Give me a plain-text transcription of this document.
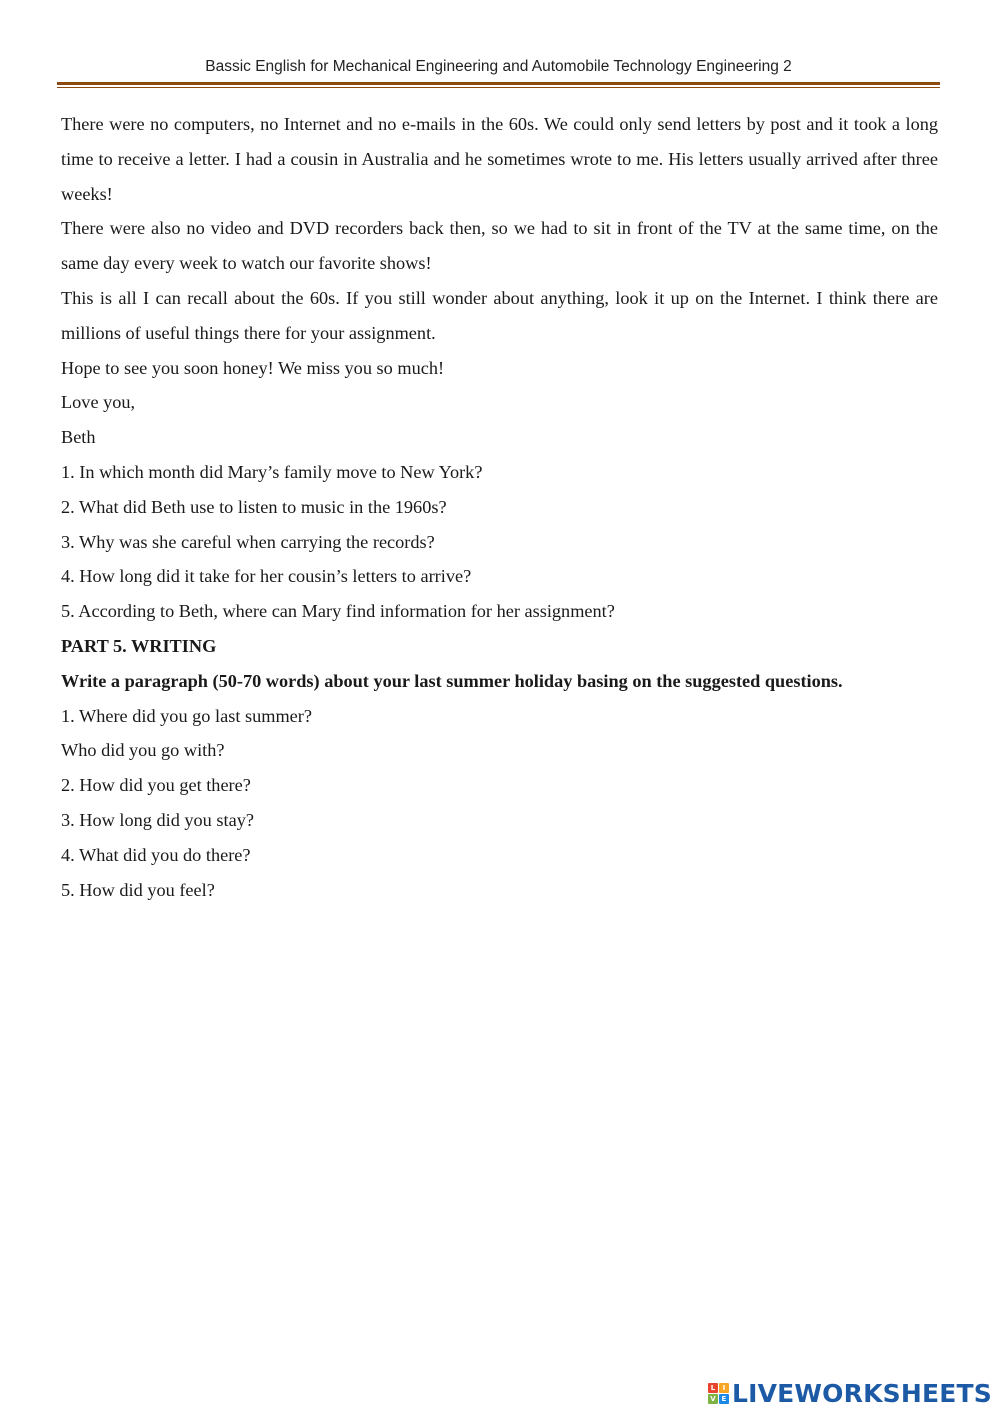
Bassic English for Mechanical Engineering and Automobile Technology Engineering 2

There were no computers, no Internet and no e-mails in the 60s. We could only send letters by post and it took a long time to receive a letter. I had a cousin in Australia and he sometimes wrote to me. His letters usually arrived after three weeks!

There were also no video and DVD recorders back then, so we had to sit in front of the TV at the same time, on the same day every week to watch our favorite shows!

This is all I can recall about the 60s. If you still wonder about anything, look it up on the Internet. I think there are millions of useful things there for your assignment.

Hope to see you soon honey! We miss you so much!

Love you,

Beth

1. In which month did Mary’s family move to New York?

2. What did Beth use to listen to music in the 1960s?

3. Why was she careful when carrying the records?

4. How long did it take for her cousin’s letters to arrive?

5. According to Beth, where can Mary find information for her assignment?

PART 5. WRITING

Write a paragraph (50-70 words) about your last summer holiday basing on the suggested questions.

1. Where did you go last summer?

Who did you go with?

2. How did you get there?

3. How long did you stay?

4. What did you do there?

5. How did you feel?

L	I
V E LIVEWORKSHEETS
